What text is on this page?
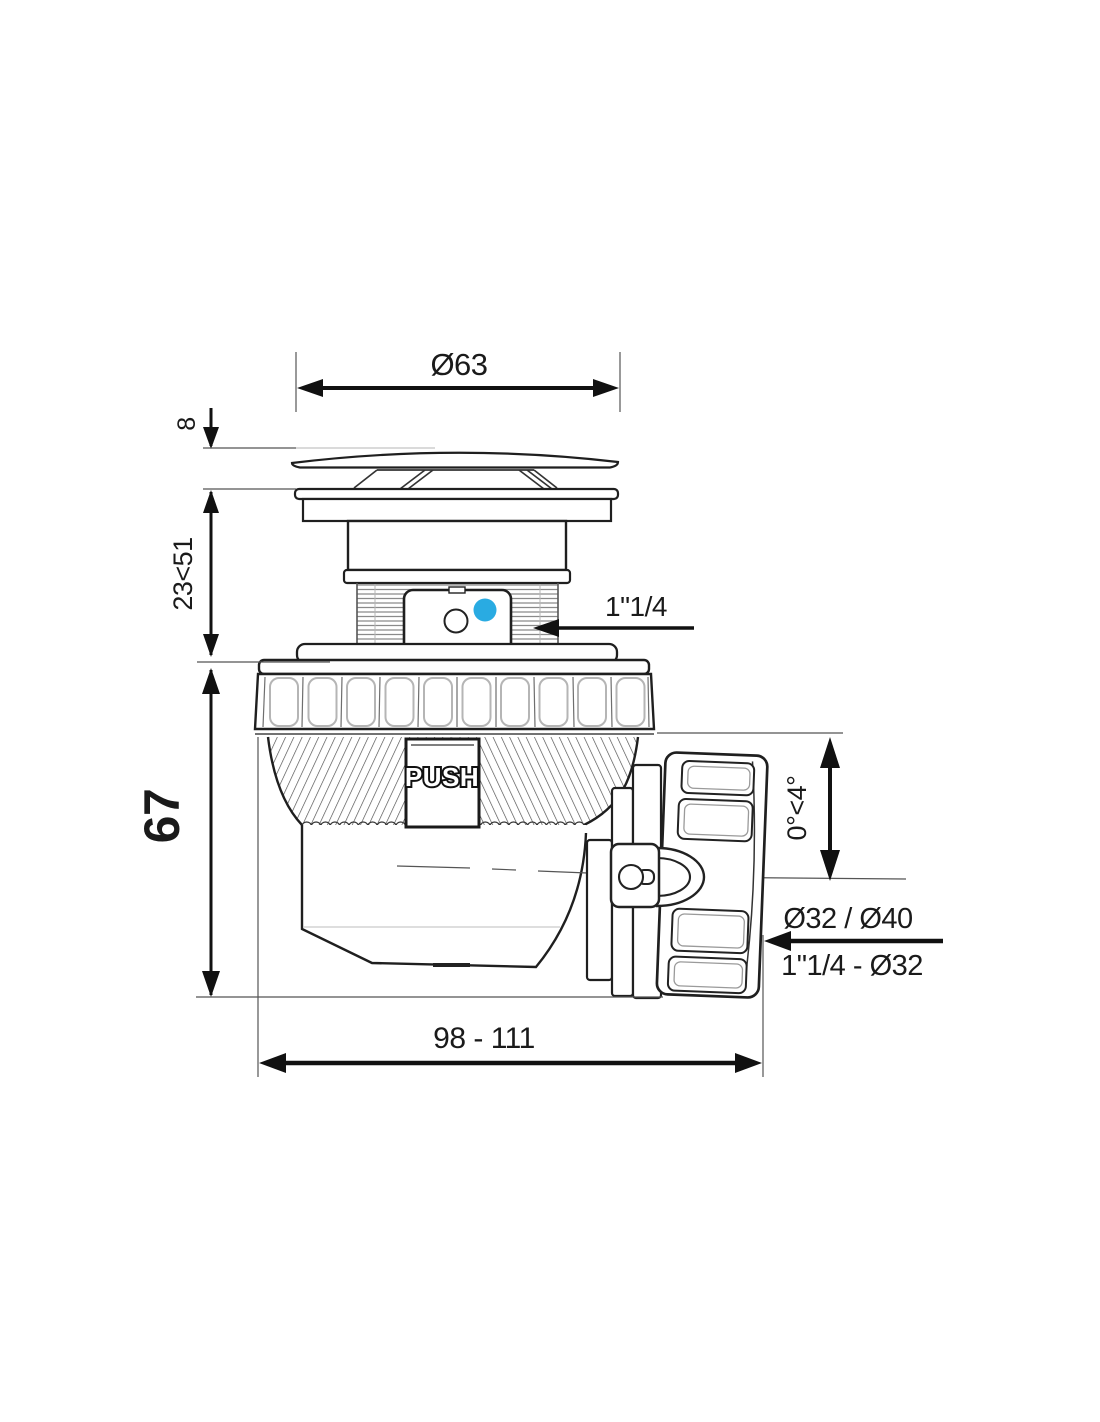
PUSH
Ø63
8
23<51
67
1"1/4
0°<4°
Ø32 / Ø40
1"1/4 - Ø32
98 - 111
